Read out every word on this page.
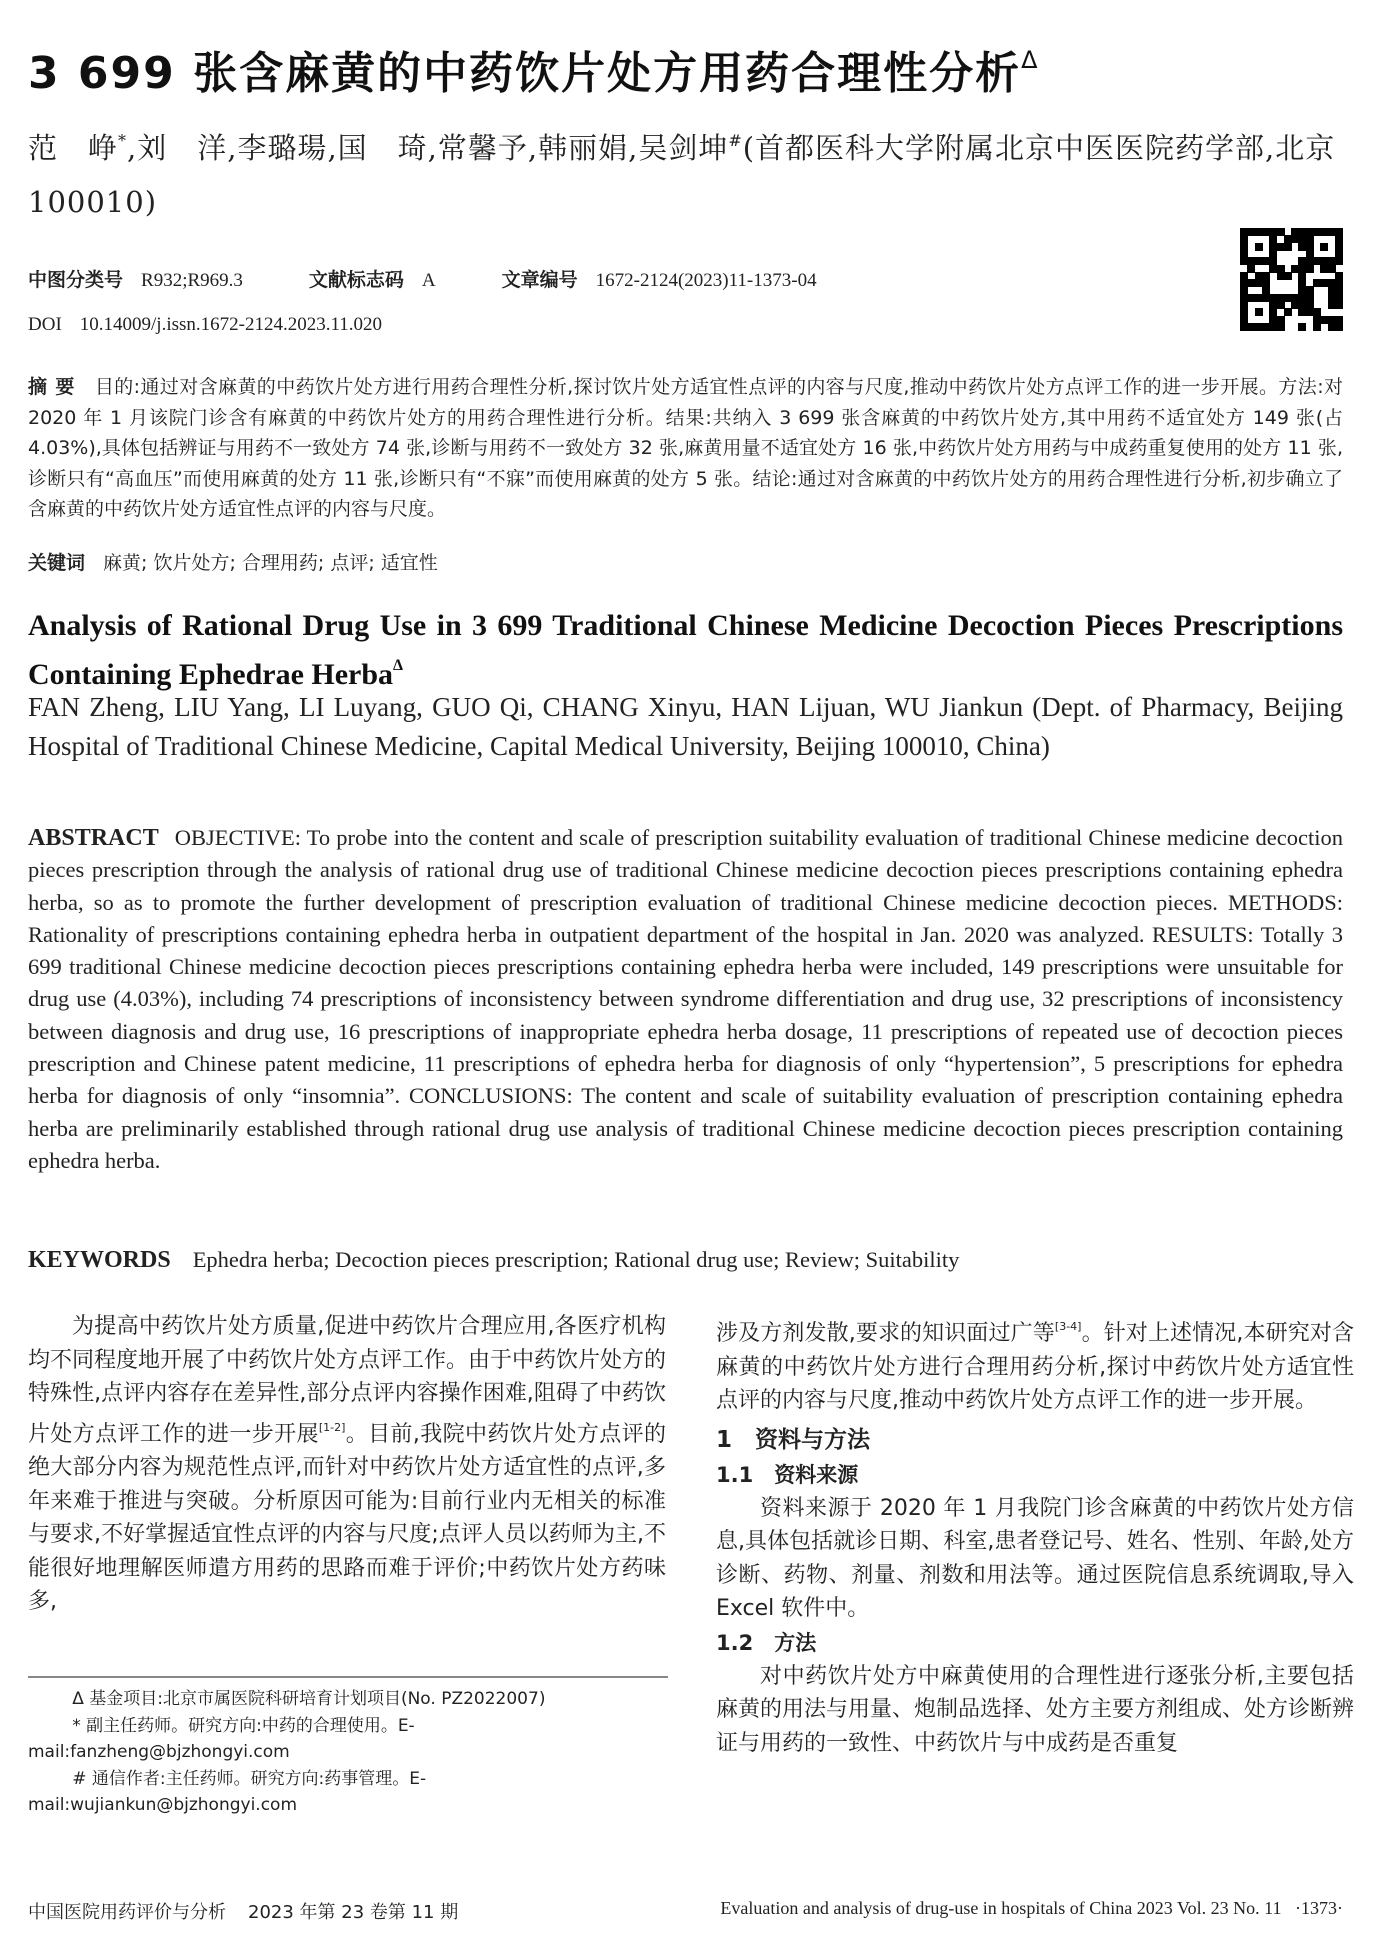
3 699 张含麻黄的中药饮片处方用药合理性分析$^\Delta$
范　峥*,刘　洋,李璐瑒,国　琦,常馨予,韩丽娟,吴剑坤#(首都医科大学附属北京中医医院药学部,北京 100010)
中图分类号 R932;R969.3	文献标志码 A	文章编号 1672-2124(2023)11-1373-04
DOI 10.14009/j.issn.1672-2124.2023.11.020
摘要 目的:通过对含麻黄的中药饮片处方进行用药合理性分析,探讨饮片处方适宜性点评的内容与尺度,推动中药饮片处方点评工作的进一步开展。方法:对 2020 年 1 月该院门诊含有麻黄的中药饮片处方的用药合理性进行分析。结果:共纳入 3 699 张含麻黄的中药饮片处方,其中用药不适宜处方 149 张(占 4.03%),具体包括辨证与用药不一致处方 74 张,诊断与用药不一致处方 32 张,麻黄用量不适宜处方 16 张,中药饮片处方用药与中成药重复使用的处方 11 张,诊断只有“高血压”而使用麻黄的处方 11 张,诊断只有“不寐”而使用麻黄的处方 5 张。结论:通过对含麻黄的中药饮片处方的用药合理性进行分析,初步确立了含麻黄的中药饮片处方适宜性点评的内容与尺度。
关键词 麻黄; 饮片处方; 合理用药; 点评; 适宜性
Analysis of Rational Drug Use in 3 699 Traditional Chinese Medicine Decoction Pieces Prescriptions Containing Ephedrae Herba$^\Delta$
FAN Zheng, LIU Yang, LI Luyang, GUO Qi, CHANG Xinyu, HAN Lijuan, WU Jiankun (Dept. of Pharmacy, Beijing Hospital of Traditional Chinese Medicine, Capital Medical University, Beijing 100010, China)
ABSTRACT OBJECTIVE: To probe into the content and scale of prescription suitability evaluation of traditional Chinese medicine decoction pieces prescription through the analysis of rational drug use of traditional Chinese medicine decoction pieces prescriptions containing ephedra herba, so as to promote the further development of prescription evaluation of traditional Chinese medicine decoction pieces. METHODS: Rationality of prescriptions containing ephedra herba in outpatient department of the hospital in Jan. 2020 was analyzed. RESULTS: Totally 3 699 traditional Chinese medicine decoction pieces prescriptions containing ephedra herba were included, 149 prescriptions were unsuitable for drug use (4.03%), including 74 prescriptions of inconsistency between syndrome differentiation and drug use, 32 prescriptions of inconsistency between diagnosis and drug use, 16 prescriptions of inappropriate ephedra herba dosage, 11 prescriptions of repeated use of decoction pieces prescription and Chinese patent medicine, 11 prescriptions of ephedra herba for diagnosis of only “hypertension”, 5 prescriptions for ephedra herba for diagnosis of only “insomnia”. CONCLUSIONS: The content and scale of suitability evaluation of prescription containing ephedra herba are preliminarily established through rational drug use analysis of traditional Chinese medicine decoction pieces prescription containing ephedra herba.
KEYWORDS Ephedra herba; Decoction pieces prescription; Rational drug use; Review; Suitability

为提高中药饮片处方质量,促进中药饮片合理应用,各医疗机构均不同程度地开展了中药饮片处方点评工作。由于中药饮片处方的特殊性,点评内容存在差异性,部分点评内容操作困难,阻碍了中药饮片处方点评工作的进一步开展[1-2]。目前,我院中药饮片处方点评的绝大部分内容为规范性点评,而针对中药饮片处方适宜性的点评,多年来难于推进与突破。分析原因可能为:目前行业内无相关的标准与要求,不好掌握适宜性点评的内容与尺度;点评人员以药师为主,不能很好地理解医师遣方用药的思路而难于评价;中药饮片处方药味多,

涉及方剂发散,要求的知识面过广等[3-4]。针对上述情况,本研究对含麻黄的中药饮片处方进行合理用药分析,探讨中药饮片处方适宜性点评的内容与尺度,推动中药饮片处方点评工作的进一步开展。

1　资料与方法

1.1　资料来源

资料来源于 2020 年 1 月我院门诊含麻黄的中药饮片处方信息,具体包括就诊日期、科室,患者登记号、姓名、性别、年龄,处方诊断、药物、剂量、剂数和用法等。通过医院信息系统调取,导入 Excel 软件中。

1.2　方法

对中药饮片处方中麻黄使用的合理性进行逐张分析,主要包括麻黄的用法与用量、炮制品选择、处方主要方剂组成、处方诊断辨证与用药的一致性、中药饮片与中成药是否重复

Δ 基金项目:北京市属医院科研培育计划项目(No. PZ2022007)

* 副主任药师。研究方向:中药的合理使用。E-mail:fanzheng@bjzhongyi.com

# 通信作者:主任药师。研究方向:药事管理。E-mail:wujiankun@bjzhongyi.com

中国医院用药评价与分析 2023 年第 23 卷第 11 期	Evaluation and analysis of drug-use in hospitals of China 2023 Vol. 23 No. 11 ·1373·
